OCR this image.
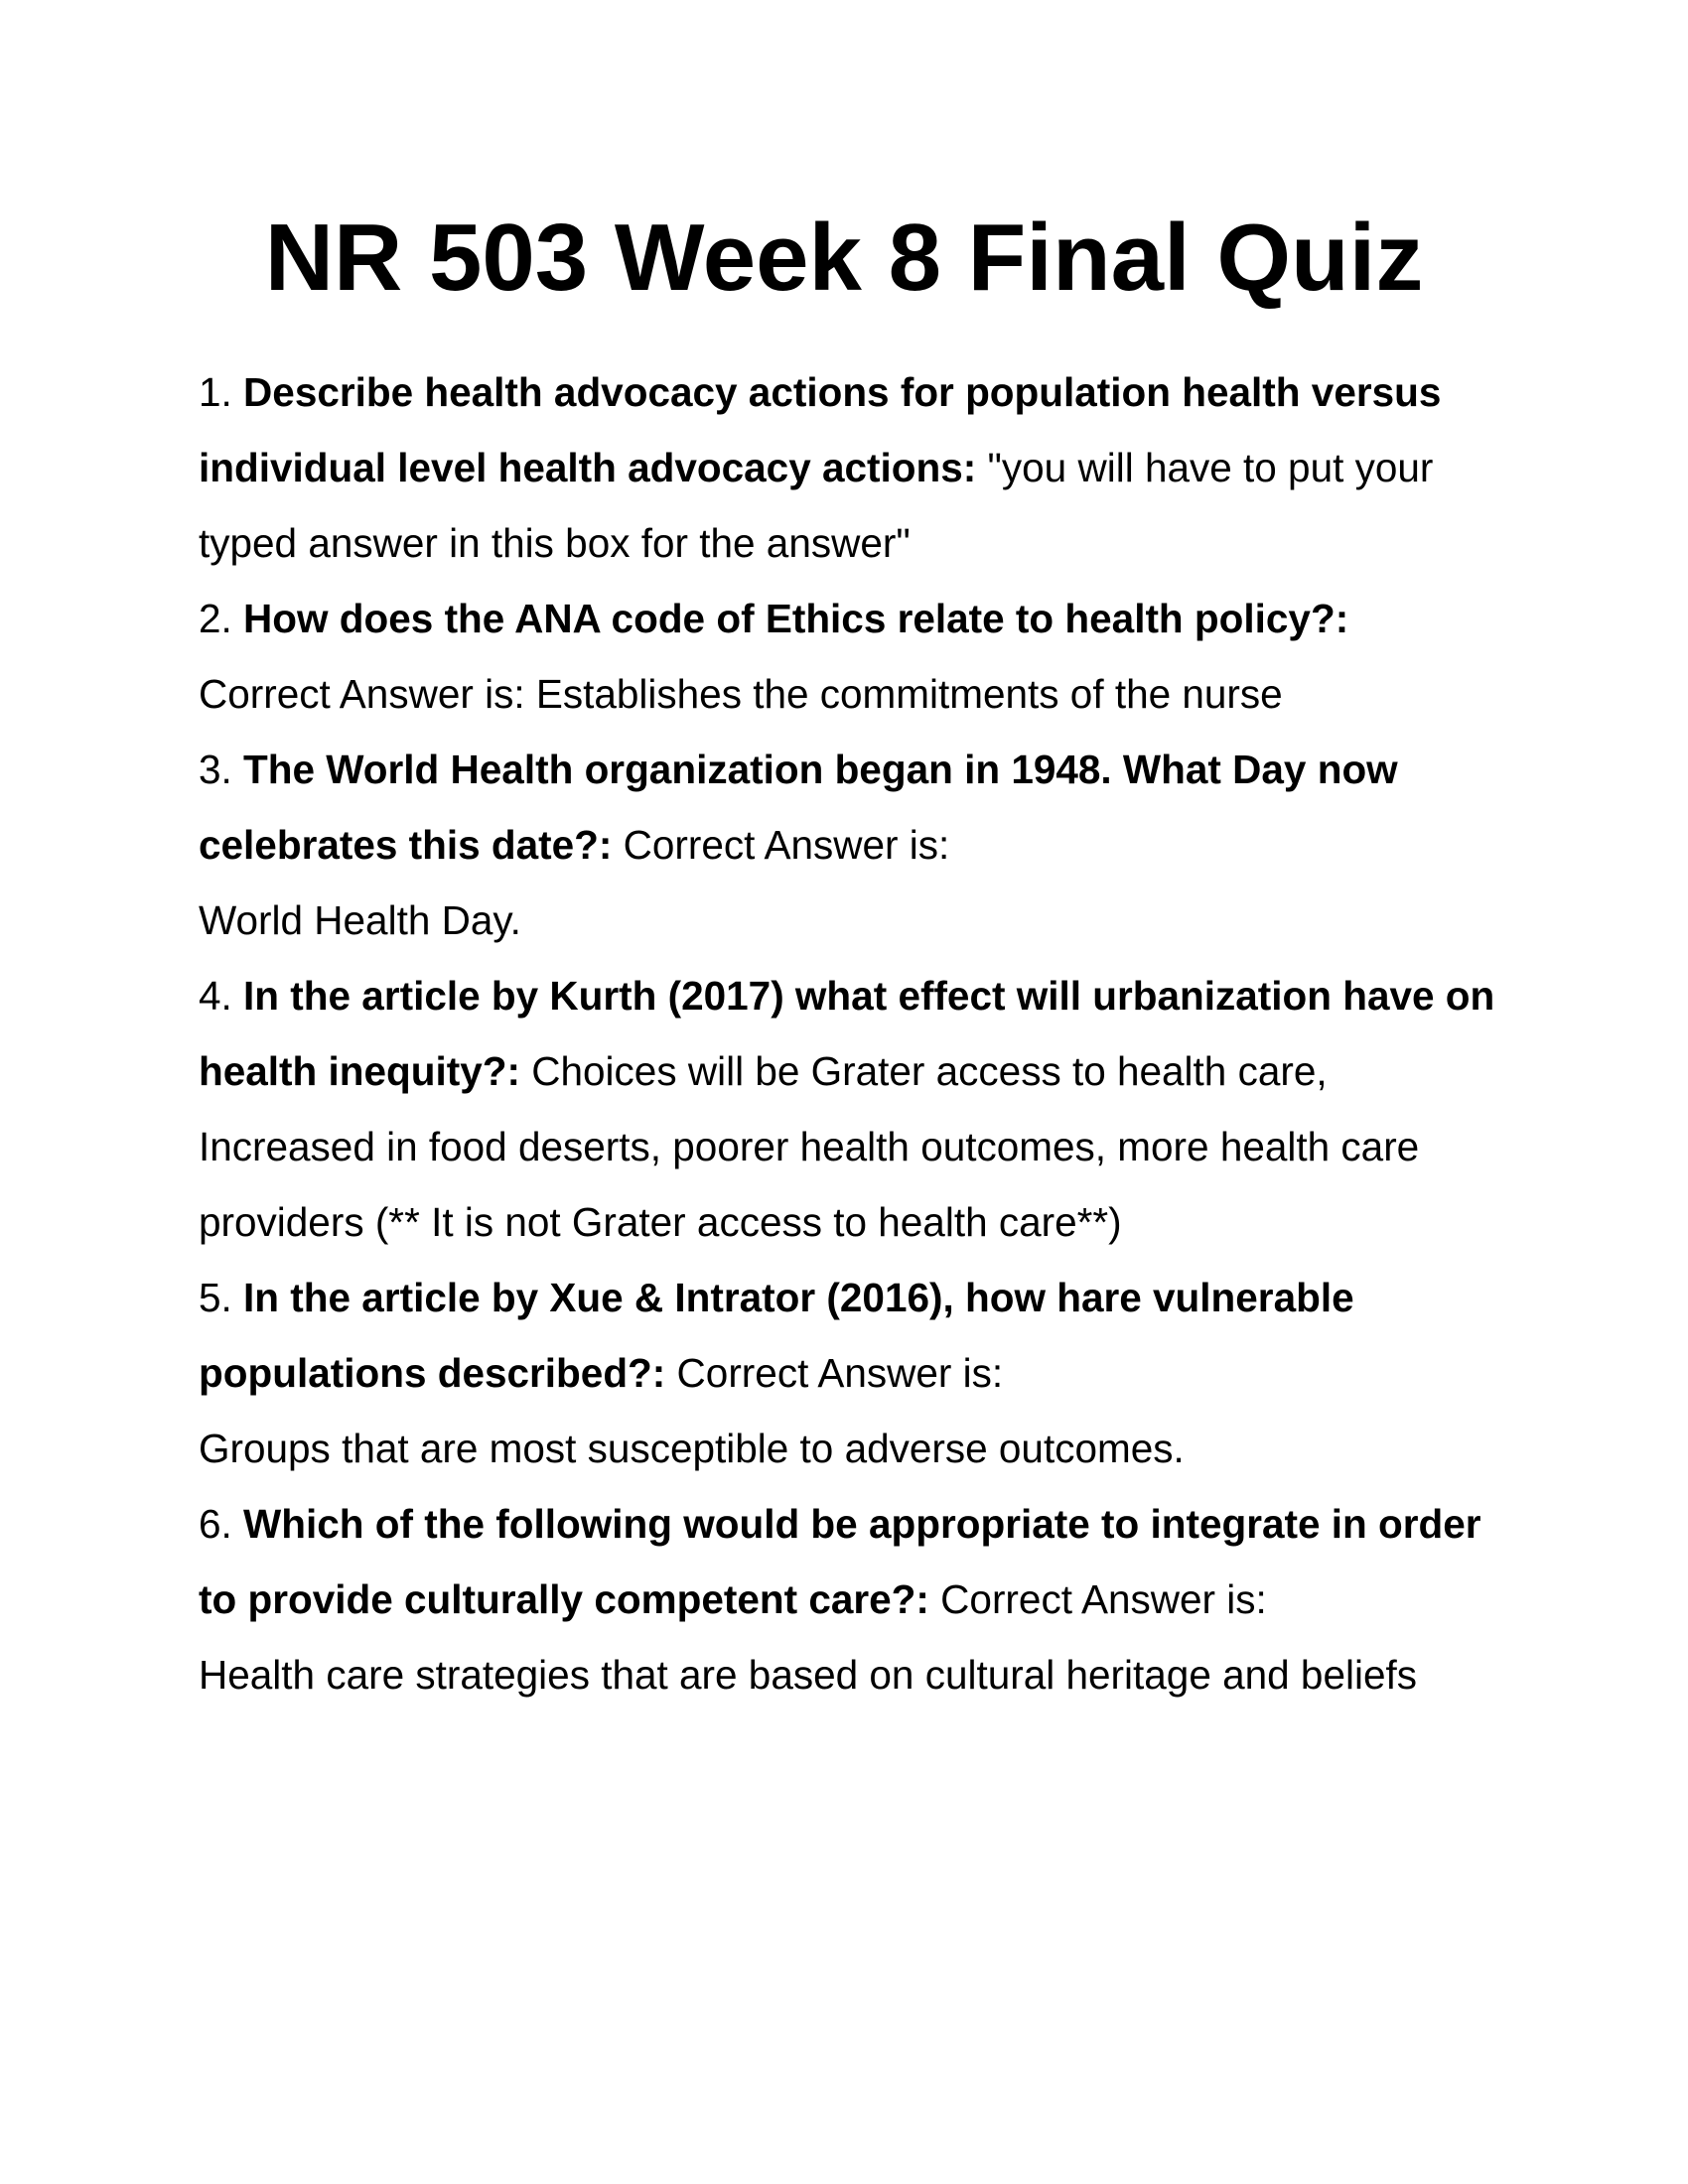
NR 503 Week 8 Final Quiz

1. Describe health advocacy actions for population health versus individual level health advocacy actions: "you will have to put your typed answer in this box for the answer"

2. How does the ANA code of Ethics relate to health policy?:
Correct Answer is: Establishes the commitments of the nurse

3. The World Health organization began in 1948. What Day now celebrates this date?: Correct Answer is:
World Health Day.

4. In the article by Kurth (2017) what effect will urbanization have on health inequity?: Choices will be Grater access to health care, Increased in food deserts, poorer health outcomes, more health care providers (** It is not Grater access to health care**)

5. In the article by Xue & Intrator (2016), how hare vulnerable populations described?: Correct Answer is:
Groups that are most susceptible to adverse outcomes.

6. Which of the following would be appropriate to integrate in order to provide culturally competent care?: Correct Answer is:
Health care strategies that are based on cultural heritage and beliefs
